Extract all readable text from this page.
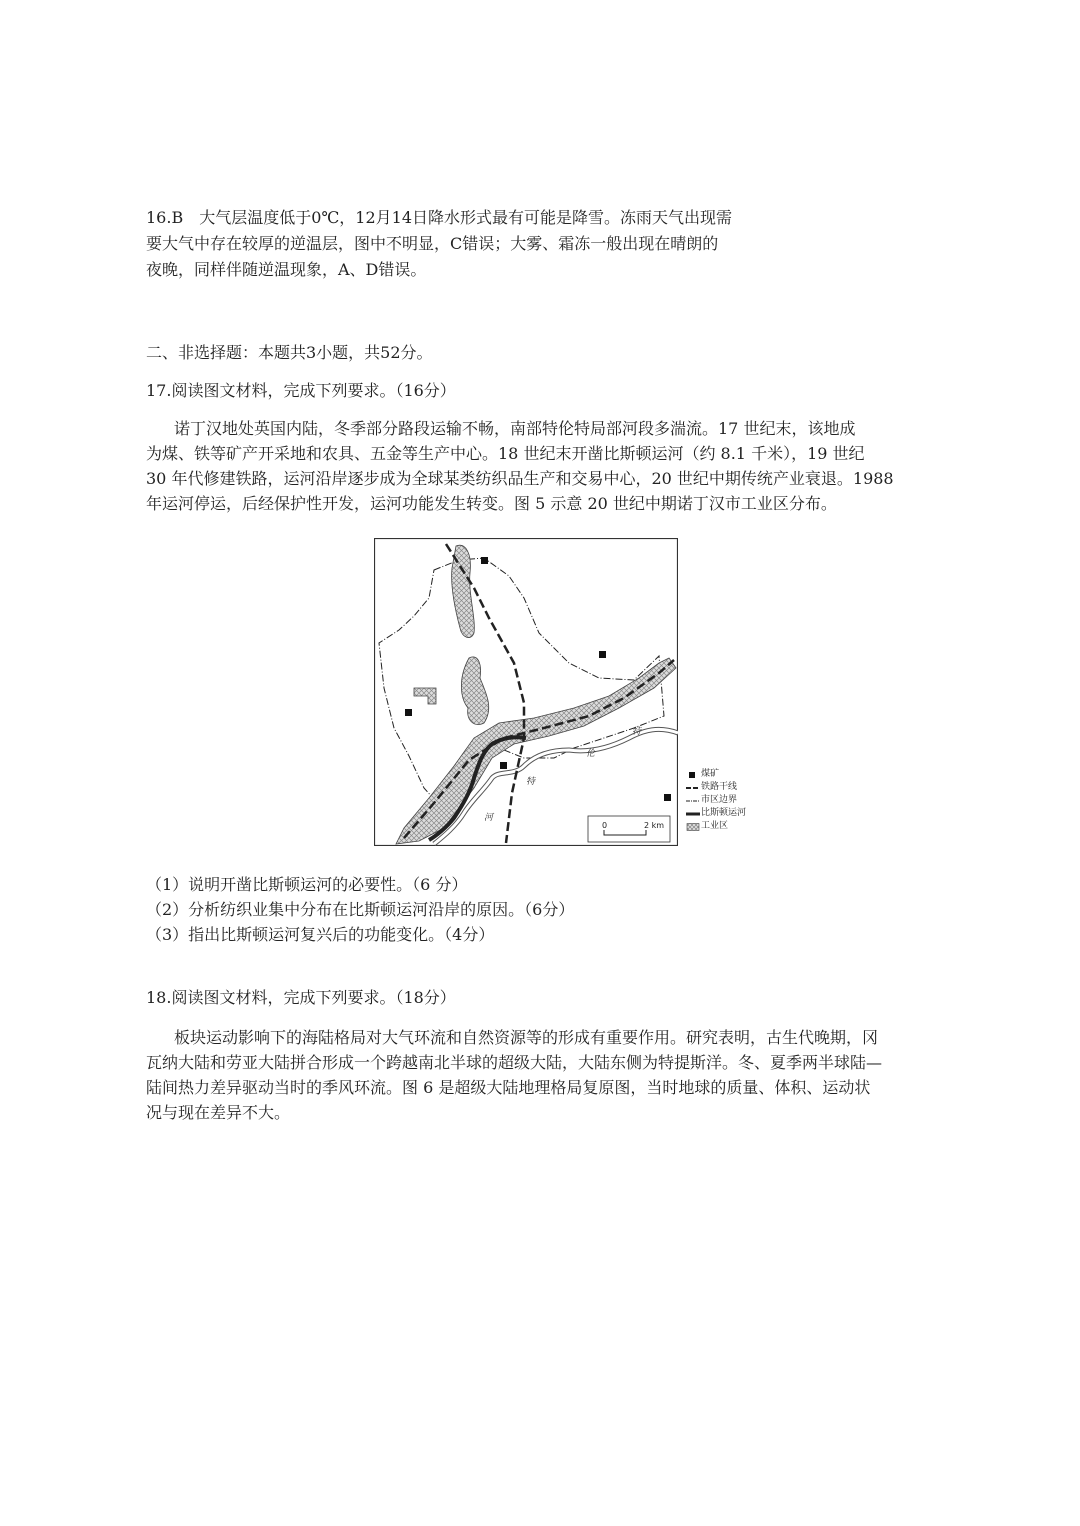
16.B　大气层温度低于0℃，12月14日降水形式最有可能是降雪。冻雨天气出现需
要大气中存在较厚的逆温层，图中不明显，C错误；大雾、霜冻一般出现在晴朗的
夜晚，同样伴随逆温现象，A、D错误。
二、非选择题：本题共3小题，共52分。
17.阅读图文材料，完成下列要求。（16分）
诺丁汉地处英国内陆，冬季部分路段运输不畅，南部特伦特局部河段多湍流。17 世纪末，该地成
为煤、铁等矿产开采地和农具、五金等生产中心。18 世纪末开凿比斯顿运河（约 8.1 千米），19 世纪
30 年代修建铁路，运河沿岸逐步成为全球某类纺织品生产和交易中心，20 世纪中期传统产业衰退。1988
年运河停运，后经保护性开发，运河功能发生转变。图 5 示意 20 世纪中期诺丁汉市工业区分布。
特
伦
特
河
0	2 km
煤矿
铁路干线
市区边界
比斯顿运河
工业区
（1）说明开凿比斯顿运河的必要性。（6 分）
（2）分析纺织业集中分布在比斯顿运河沿岸的原因。（6分）
（3）指出比斯顿运河复兴后的功能变化。（4分）
18.阅读图文材料，完成下列要求。（18分）
板块运动影响下的海陆格局对大气环流和自然资源等的形成有重要作用。研究表明，古生代晚期，冈
瓦纳大陆和劳亚大陆拼合形成一个跨越南北半球的超级大陆，大陆东侧为特提斯洋。冬、夏季两半球陆—
陆间热力差异驱动当时的季风环流。图 6 是超级大陆地理格局复原图，当时地球的质量、体积、运动状
况与现在差异不大。
